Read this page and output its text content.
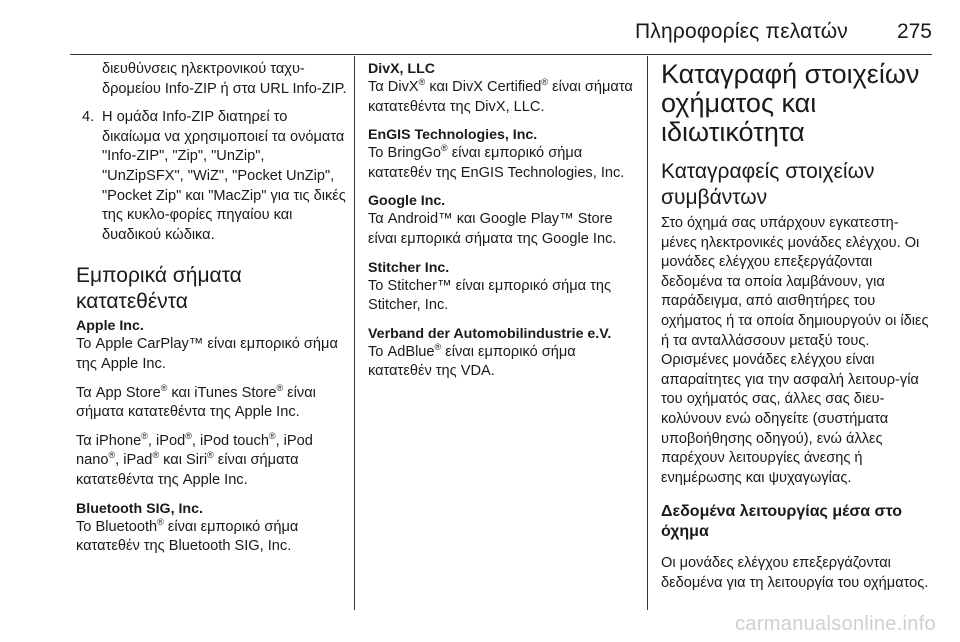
Πληροφορίες πελατών 275

διευθύνσεις ηλεκτρονικού ταχυ-δρομείου Info-ZIP ή στα URL Info-ZIP.

4. Η ομάδα Info-ZIP διατηρεί το δικαίωμα να χρησιμοποιεί τα ονόματα "Info-ZIP", "Zip", "UnZip", "UnZipSFX", "WiZ", "Pocket UnZip", "Pocket Zip" και "MacZip" για τις δικές της κυκλο-φορίες πηγαίου και δυαδικού κώδικα.

Εμπορικά σήματα κατατεθέντα

Apple Inc.

Το Apple CarPlay™ είναι εμπορικό σήμα της Apple Inc.

Τα App Store® και iTunes Store® είναι σήματα κατατεθέντα της Apple Inc.

Τα iPhone®, iPod®, iPod touch®, iPod nano®, iPad® και Siri® είναι σήματα κατατεθέντα της Apple Inc.

Bluetooth SIG, Inc.

Το Bluetooth® είναι εμπορικό σήμα κατατεθέν της Bluetooth SIG, Inc.

DivX, LLC

Τα DivX® και DivX Certified® είναι σήματα κατατεθέντα της DivX, LLC.

EnGIS Technologies, Inc.

Το BringGo® είναι εμπορικό σήμα κατατεθέν της EnGIS Technologies, Inc.

Google Inc.

Τα Android™ και Google Play™ Store είναι εμπορικά σήματα της Google Inc.

Stitcher Inc.

Το Stitcher™ είναι εμπορικό σήμα της Stitcher, Inc.

Verband der Automobilindustrie e.V.

Το AdBlue® είναι εμπορικό σήμα κατατεθέν της VDA.

Καταγραφή στοιχείων οχήματος και ιδιωτικότητα

Καταγραφείς στοιχείων συμβάντων

Στο όχημά σας υπάρχουν εγκατεστη-μένες ηλεκτρονικές μονάδες ελέγχου. Οι μονάδες ελέγχου επεξεργάζονται δεδομένα τα οποία λαμβάνουν, για παράδειγμα, από αισθητήρες του οχήματος ή τα οποία δημιουργούν οι ίδιες ή τα ανταλλάσσουν μεταξύ τους. Ορισμένες μονάδες ελέγχου είναι απαραίτητες για την ασφαλή λειτουρ-γία του οχήματός σας, άλλες σας διευ-κολύνουν ενώ οδηγείτε (συστήματα υποβοήθησης οδηγού), ενώ άλλες παρέχουν λειτουργίες άνεσης ή ενημέρωσης και ψυχαγωγίας.

Δεδομένα λειτουργίας μέσα στο όχημα

Οι μονάδες ελέγχου επεξεργάζονται δεδομένα για τη λειτουργία του οχήματος.

carmanualsonline.info
